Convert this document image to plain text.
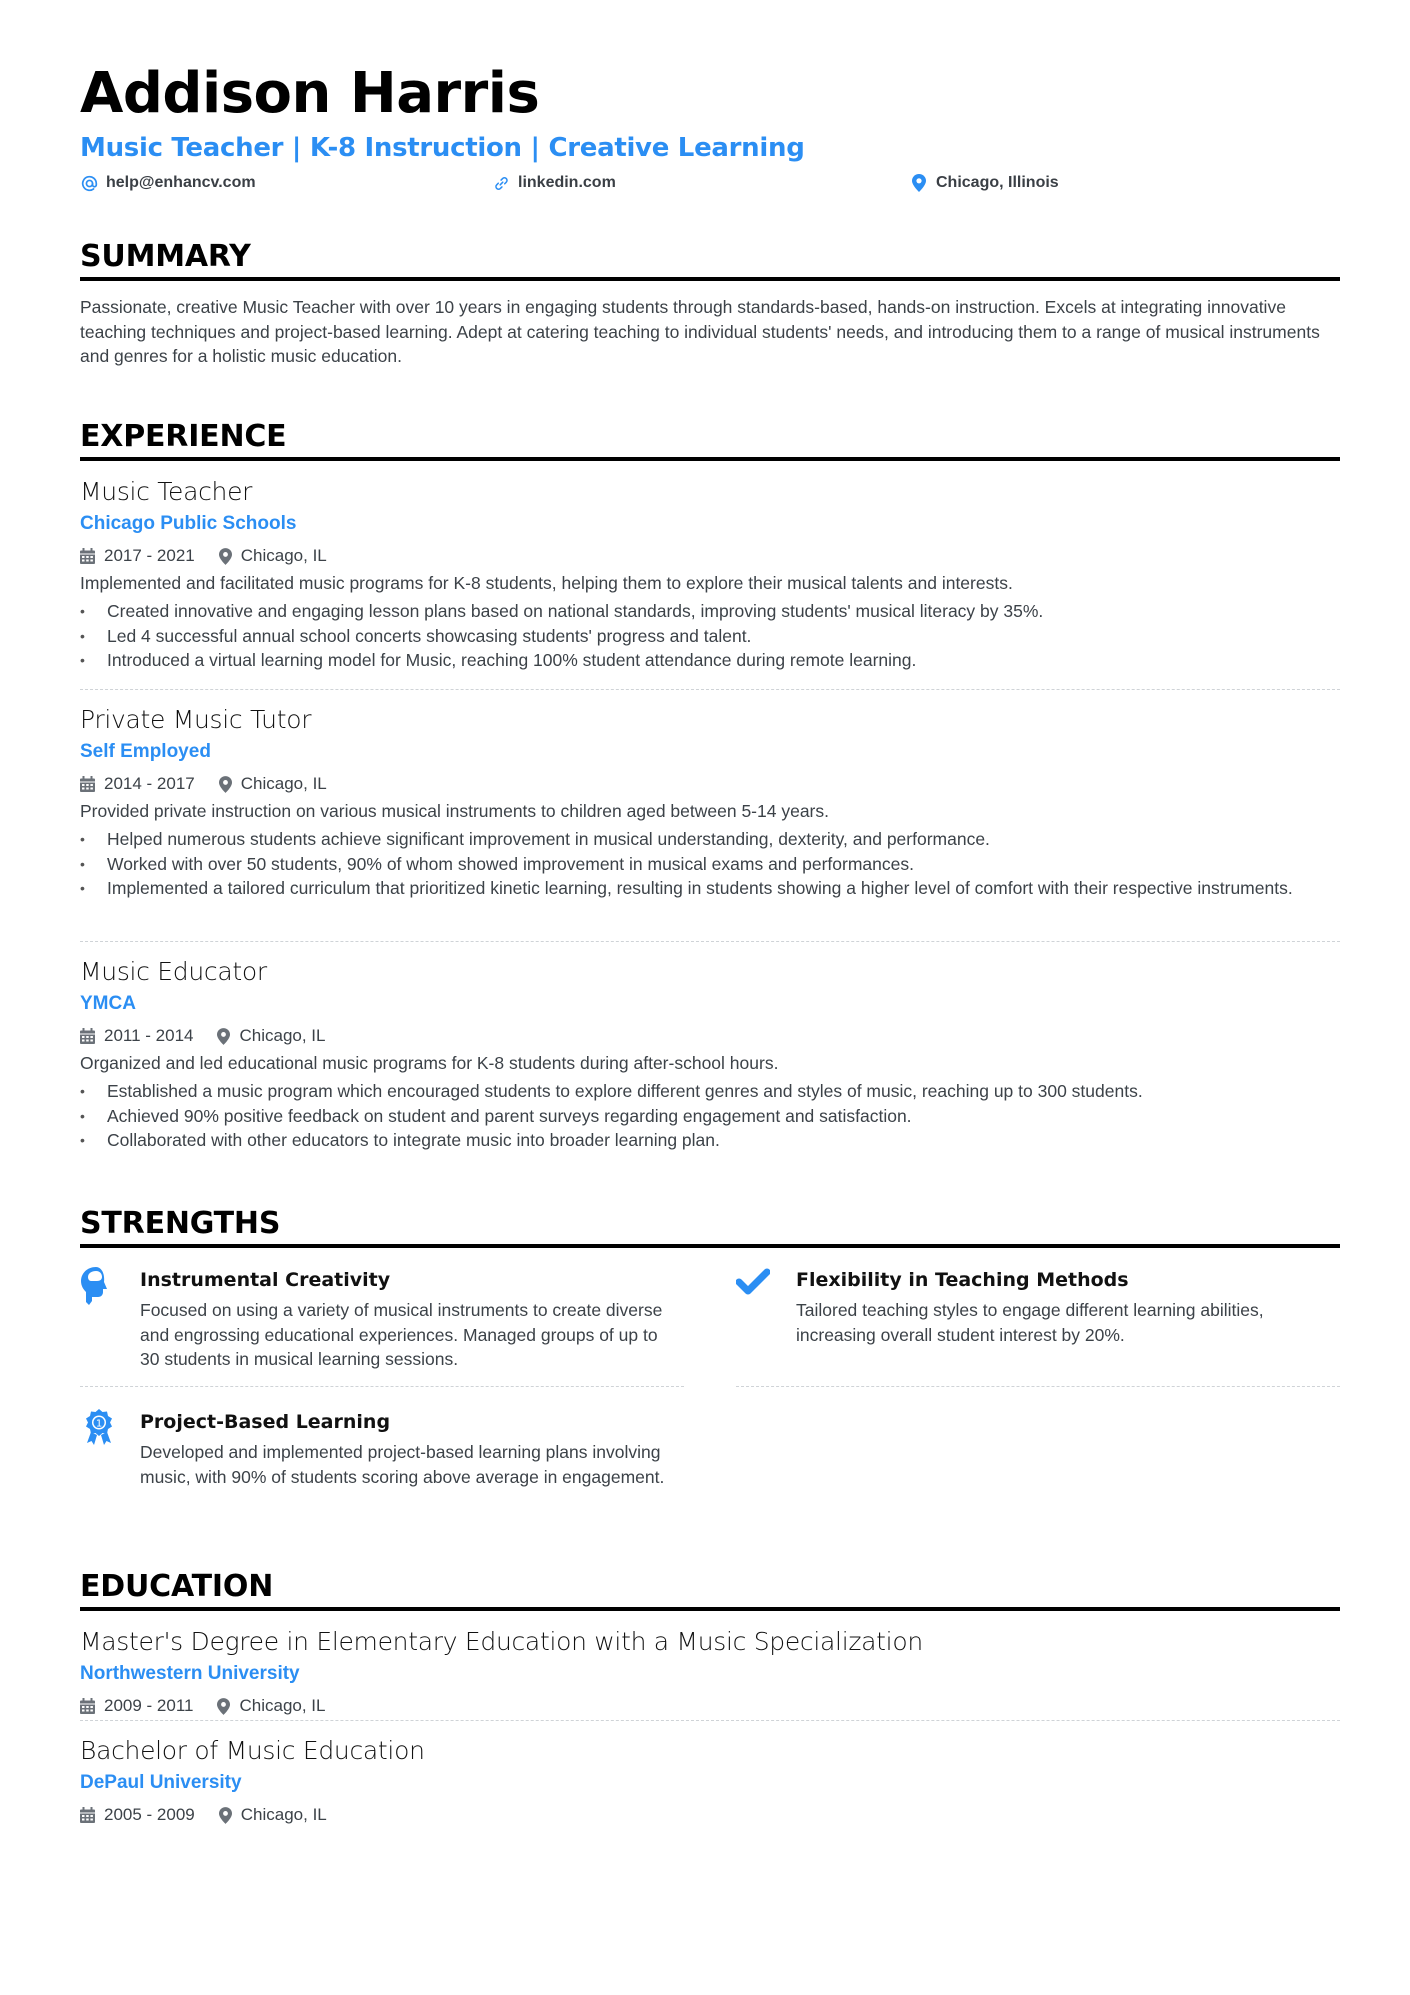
Addison Harris
Music Teacher | K-8 Instruction | Creative Learning
help@enhancv.com	linkedin.com	Chicago, Illinois
SUMMARY
Passionate, creative Music Teacher with over 10 years in engaging students through standards-based, hands-on instruction. Excels at integrating innovative teaching techniques and project-based learning. Adept at catering teaching to individual students' needs, and introducing them to a range of musical instruments and genres for a holistic music education.
EXPERIENCE
Music Teacher
Chicago Public Schools
2017 - 2021	Chicago, IL
Implemented and facilitated music programs for K-8 students, helping them to explore their musical talents and interests.
• Created innovative and engaging lesson plans based on national standards, improving students' musical literacy by 35%.
• Led 4 successful annual school concerts showcasing students' progress and talent.
• Introduced a virtual learning model for Music, reaching 100% student attendance during remote learning.
Private Music Tutor
Self Employed
2014 - 2017	Chicago, IL
Provided private instruction on various musical instruments to children aged between 5-14 years.
• Helped numerous students achieve significant improvement in musical understanding, dexterity, and performance.
• Worked with over 50 students, 90% of whom showed improvement in musical exams and performances.
• Implemented a tailored curriculum that prioritized kinetic learning, resulting in students showing a higher level of comfort with their respective instruments.
Music Educator
YMCA
2011 - 2014	Chicago, IL
Organized and led educational music programs for K-8 students during after-school hours.
• Established a music program which encouraged students to explore different genres and styles of music, reaching up to 300 students.
• Achieved 90% positive feedback on student and parent surveys regarding engagement and satisfaction.
• Collaborated with other educators to integrate music into broader learning plan.
STRENGTHS
Instrumental Creativity
Focused on using a variety of musical instruments to create diverse and engrossing educational experiences. Managed groups of up to 30 students in musical learning sessions.
Flexibility in Teaching Methods
Tailored teaching styles to engage different learning abilities, increasing overall student interest by 20%.
1 Project-Based Learning
Developed and implemented project-based learning plans involving music, with 90% of students scoring above average in engagement.
EDUCATION
Master's Degree in Elementary Education with a Music Specialization
Northwestern University
2009 - 2011	Chicago, IL
Bachelor of Music Education
DePaul University
2005 - 2009	Chicago, IL
